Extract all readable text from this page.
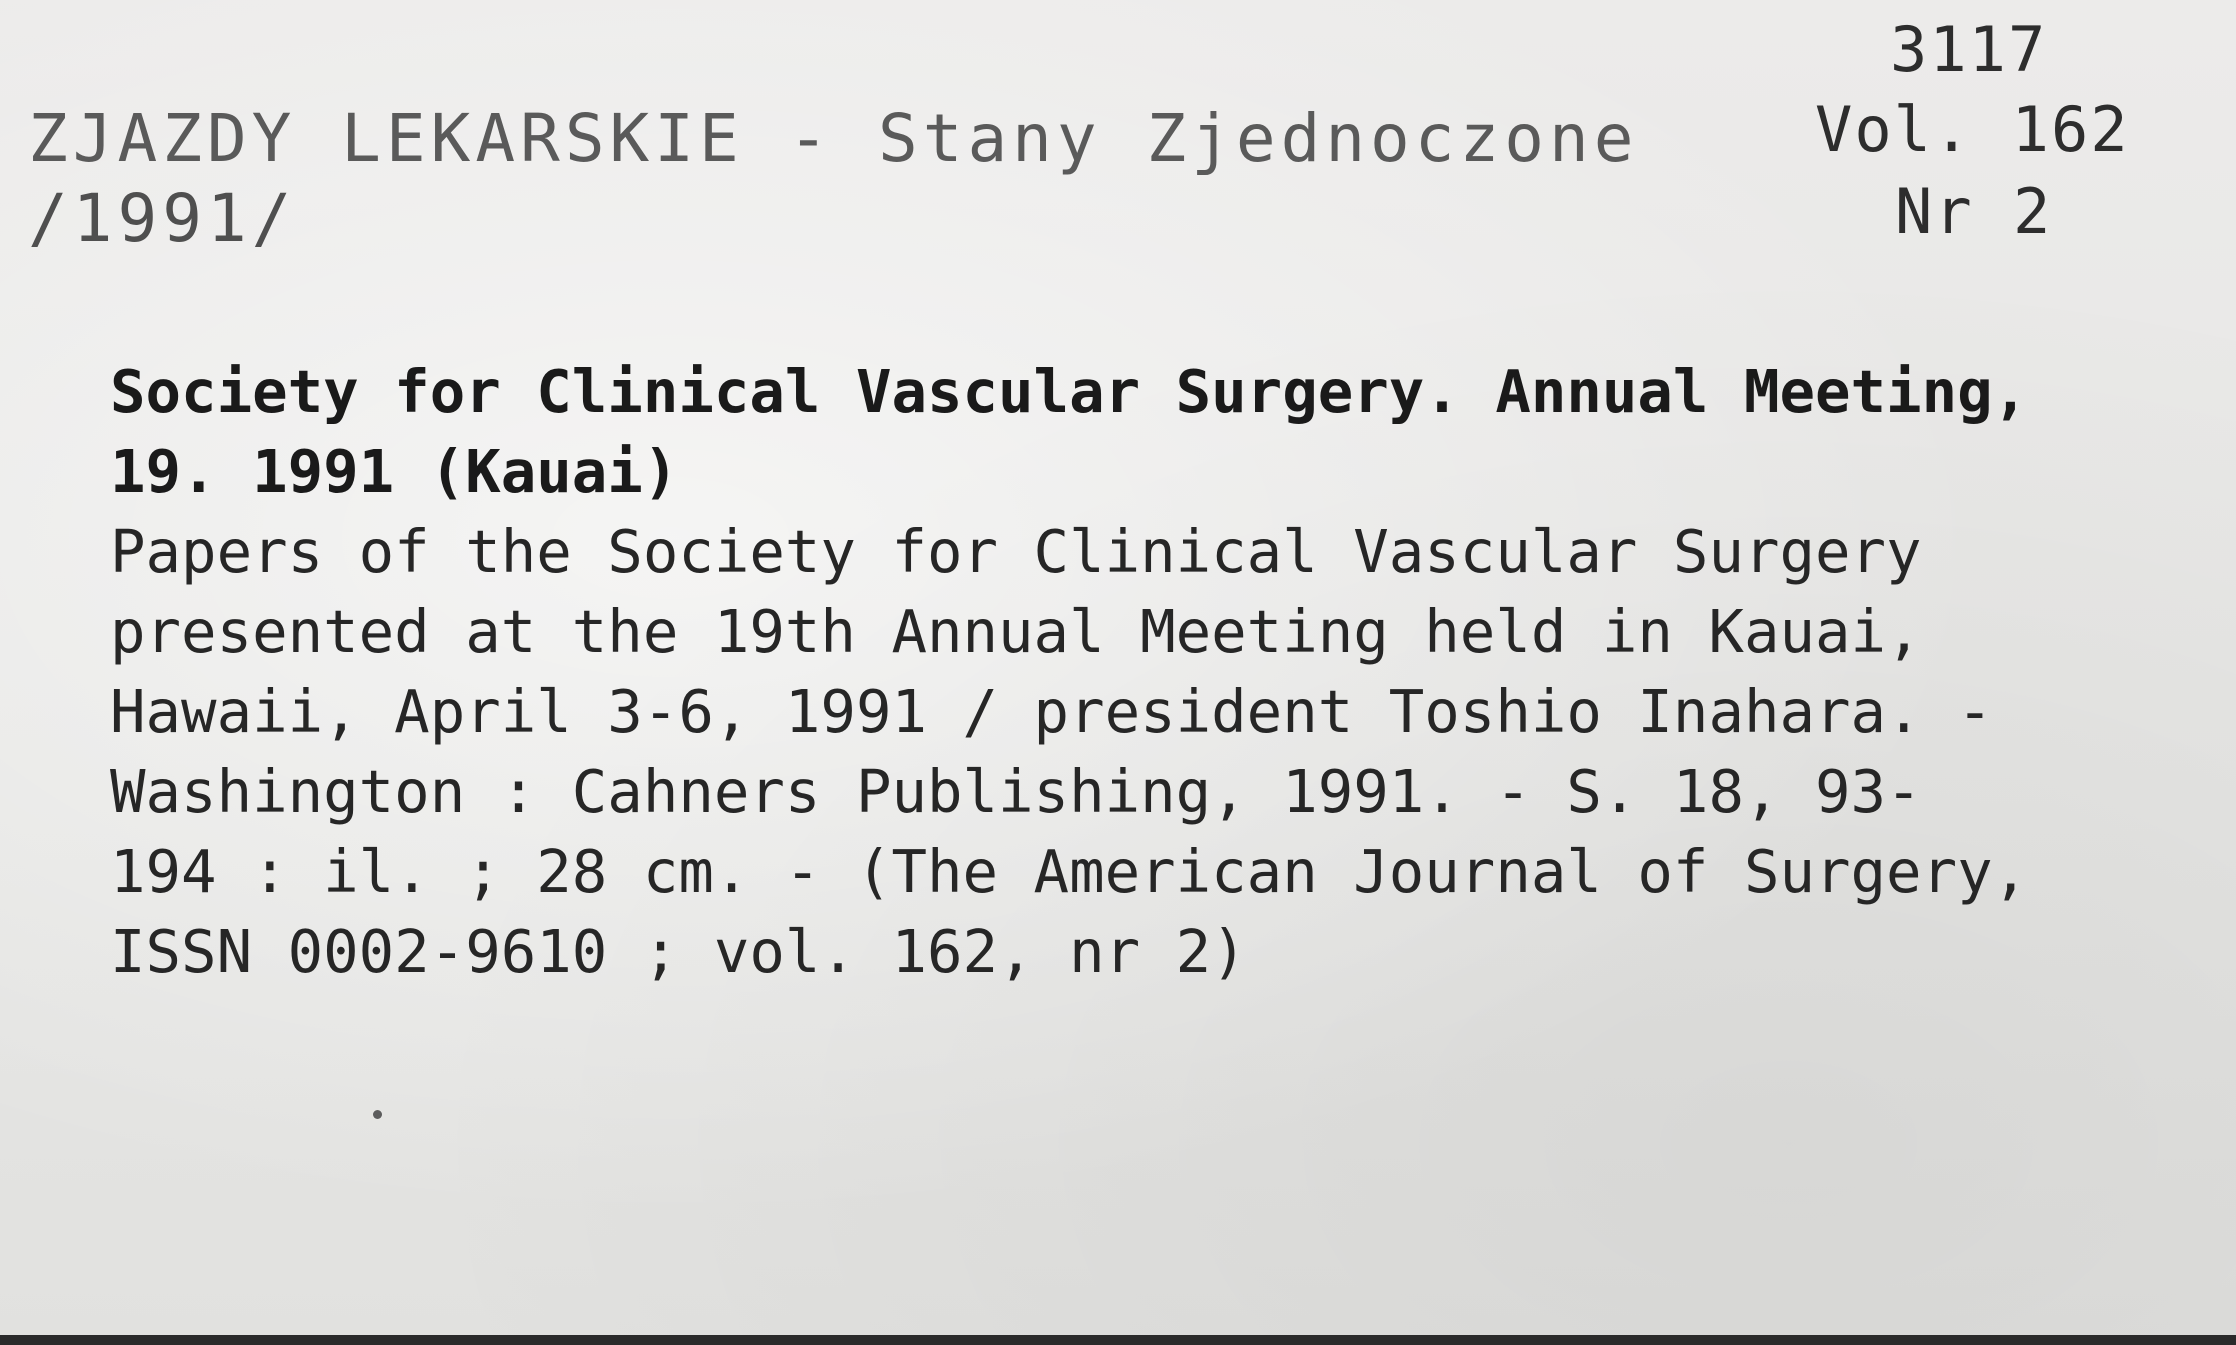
3117
Vol. 162
Nr 2
ZJAZDY LEKARSKIE - Stany Zjednoczone
/1991/
Society for Clinical Vascular Surgery. Annual Meeting,
19. 1991 (Kauai)
Papers of the Society for Clinical Vascular Surgery
presented at the 19th Annual Meeting held in Kauai,
Hawaii, April 3-6, 1991 / president Toshio Inahara. -
Washington : Cahners Publishing, 1991. - S. 18, 93-
194 : il. ; 28 cm. - (The American Journal of Surgery,
ISSN 0002-9610 ; vol. 162, nr 2)
